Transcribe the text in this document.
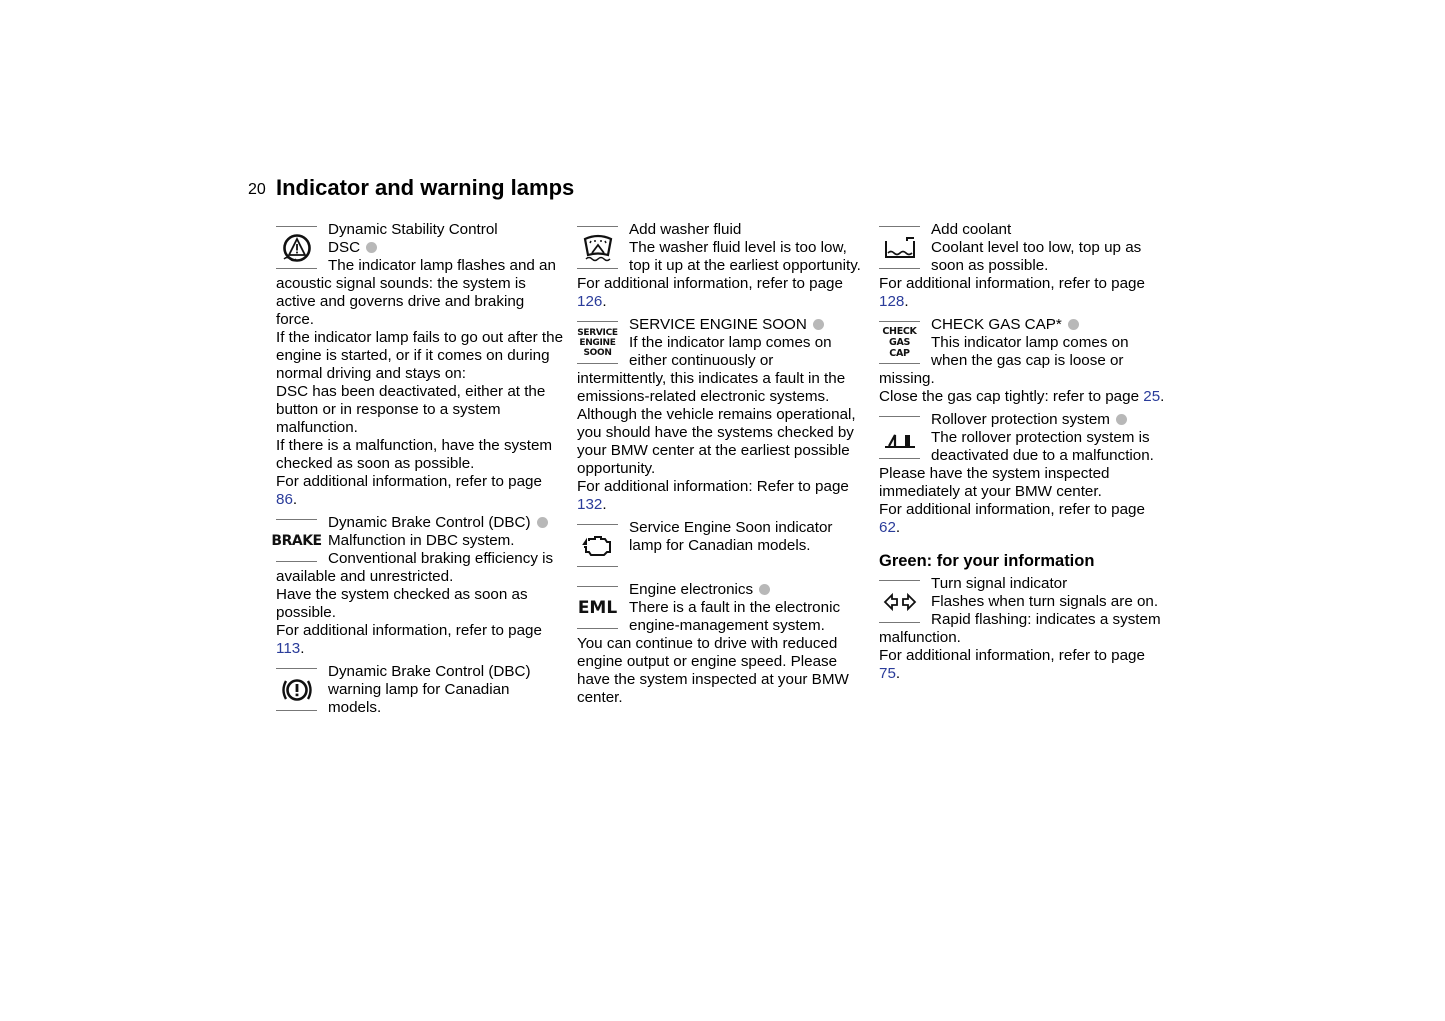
20 Indicator and warning lamps
Dynamic Stability Control
DSC
The indicator lamp flashes and an acoustic signal sounds: the system is active and governs drive and braking force.
If the indicator lamp fails to go out after the engine is started, or if it comes on during normal driving and stays on:
DSC has been deactivated, either at the button or in response to a system malfunction.
If there is a malfunction, have the system checked as soon as possible.
For additional information, refer to page 86.
BRAKE
Dynamic Brake Control (DBC)
Malfunction in DBC system.
Conventional braking efficiency is available and unrestricted.
Have the system checked as soon as possible.
For additional information, refer to page 113.
Dynamic Brake Control (DBC) warning lamp for Canadian models.
Add washer fluid
The washer fluid level is too low, top it up at the earliest opportunity.
For additional information, refer to page 126.
SERVICE
ENGINE
SOON
SERVICE ENGINE SOON
If the indicator lamp comes on either continuously or intermittently, this indicates a fault in the emissions-related electronic systems.
Although the vehicle remains operational, you should have the systems checked by your BMW center at the earliest possible opportunity.
For additional information: Refer to page 132.
Service Engine Soon indicator lamp for Canadian models.
EML
Engine electronics
There is a fault in the electronic engine-management system.
You can continue to drive with reduced engine output or engine speed. Please have the system inspected at your BMW center.
Add coolant
Coolant level too low, top up as soon as possible.
For additional information, refer to page 128.
CHECK
GAS CAP
CHECK GAS CAP*
This indicator lamp comes on when the gas cap is loose or missing.
Close the gas cap tightly: refer to page 25.
Rollover protection system
The rollover protection system is deactivated due to a malfunction. Please have the system inspected immediately at your BMW center.
For additional information, refer to page 62.
Green: for your information
Turn signal indicator
Flashes when turn signals are on. Rapid flashing: indicates a system malfunction.
For additional information, refer to page 75.
